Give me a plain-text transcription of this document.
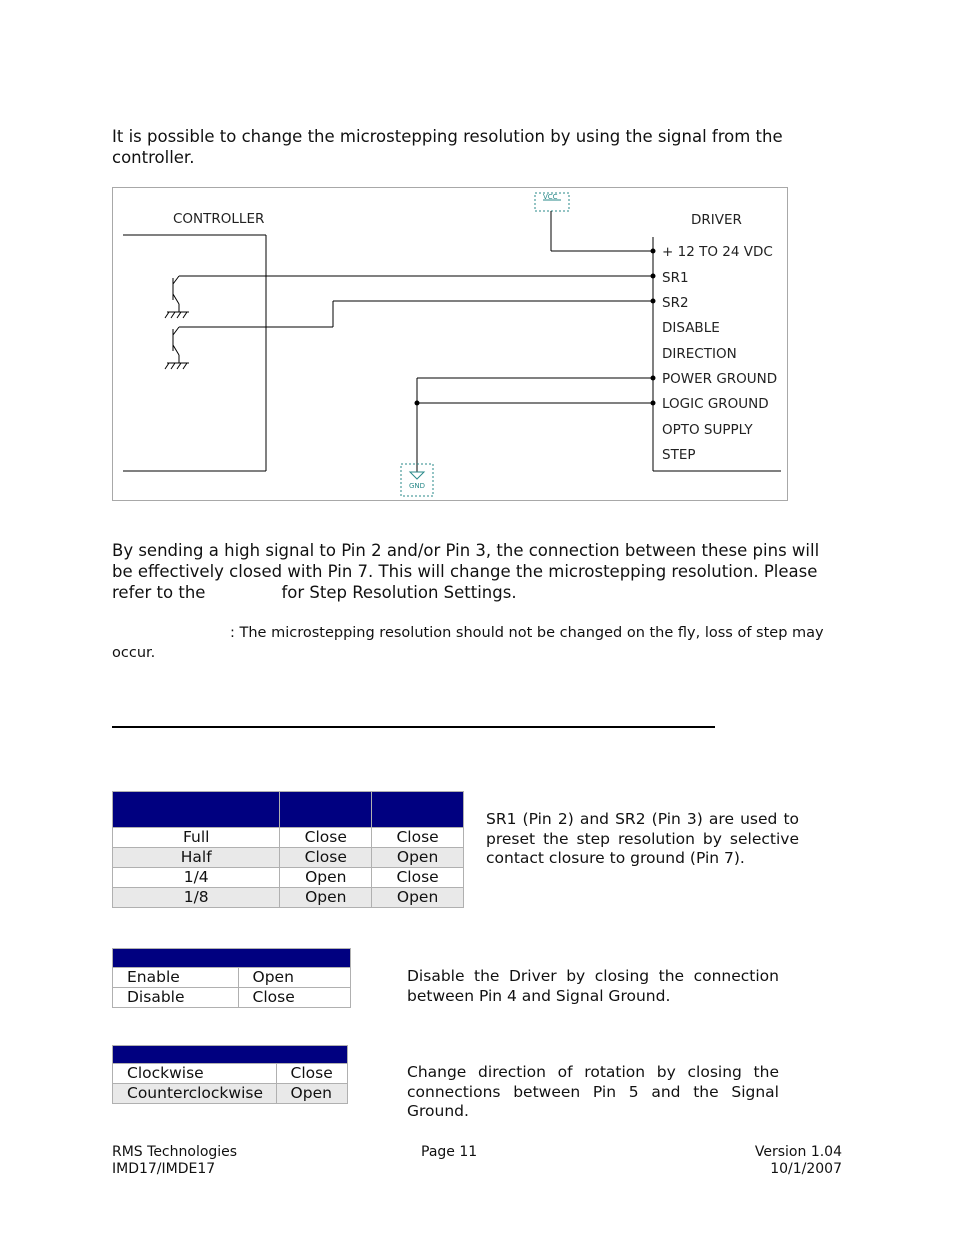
It is possible to change the microstepping resolution by using the signal from the controller.
CONTROLLER	DRIVER
VCC
GND
+ 12 TO 24 VDC
SR1
SR2
DISABLE
DIRECTION
POWER GROUND
LOGIC GROUND
OPTO SUPPLY
STEP
By sending a high signal to Pin 2 and/or Pin 3, the connection between these pins will be effectively closed with Pin 7. This will change the microstepping resolution. Please refer to the	for Step Resolution Settings.
: The microstepping resolution should not be changed on the fly, loss of step may occur.

Full	Close	Close
Half	Close	Open
1/4	Open	Close
1/8	Open	Open
SR1 (Pin 2) and SR2 (Pin 3) are used to preset the step resolution by selective contact closure to ground (Pin 7).

Enable	Open
Disable	Close
Disable the Driver by closing the connection between Pin 4 and Signal Ground.

Clockwise	Close
Counterclockwise	Open
Change direction of rotation by closing the connections between Pin 5 and the Signal Ground.
RMS Technologies
IMD17/IMDE17
Page 11	Version 1.04
10/1/2007
